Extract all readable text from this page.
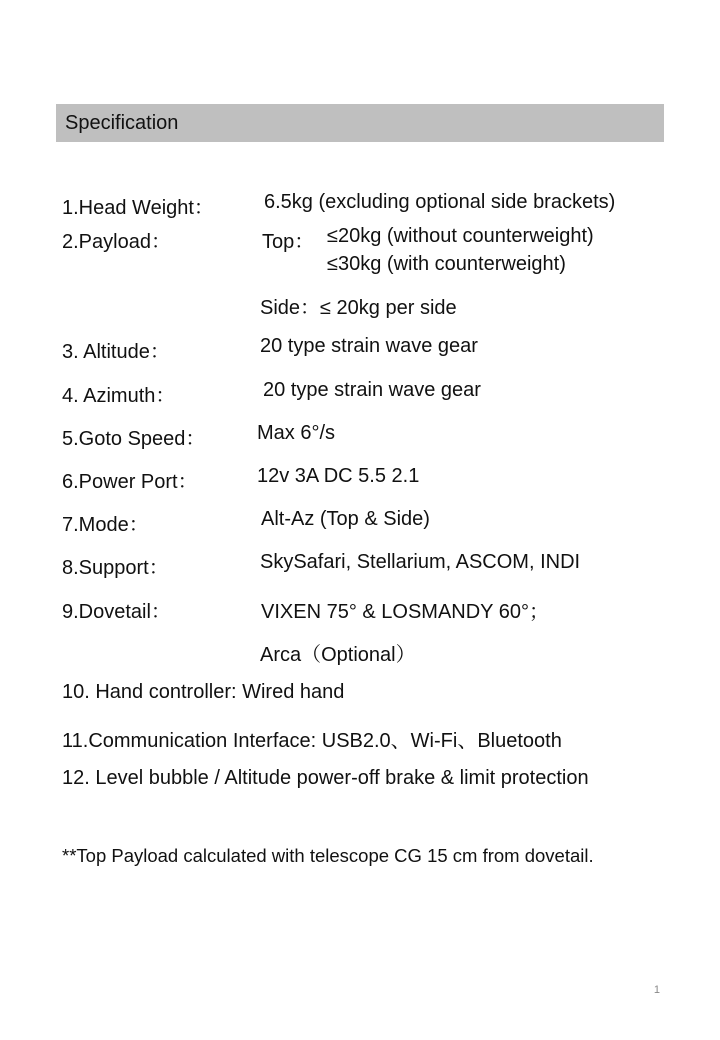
Specification
1.Head Weight：	6.5kg (excluding optional side brackets)
2.Payload：	Top： ≤20kg (without counterweight)
≤30kg (with counterweight)
Side：≤ 20kg per side
3. Altitude：	20 type strain wave gear
4. Azimuth：	20 type strain wave gear
5.Goto Speed：	Max 6°/s
6.Power Port：	12v 3A DC 5.5 2.1
7.Mode：	Alt-Az (Top & Side)
8.Support：	SkySafari, Stellarium, ASCOM, INDI
9.Dovetail：	VIXEN 75° & LOSMANDY 60°；
Arca（Optional）
10. Hand controller: Wired hand
11.Communication Interface: USB2.0、Wi-Fi、Bluetooth
12. Level bubble / Altitude power-off brake & limit protection
**Top Payload calculated with telescope CG 15 cm from dovetail.
1
